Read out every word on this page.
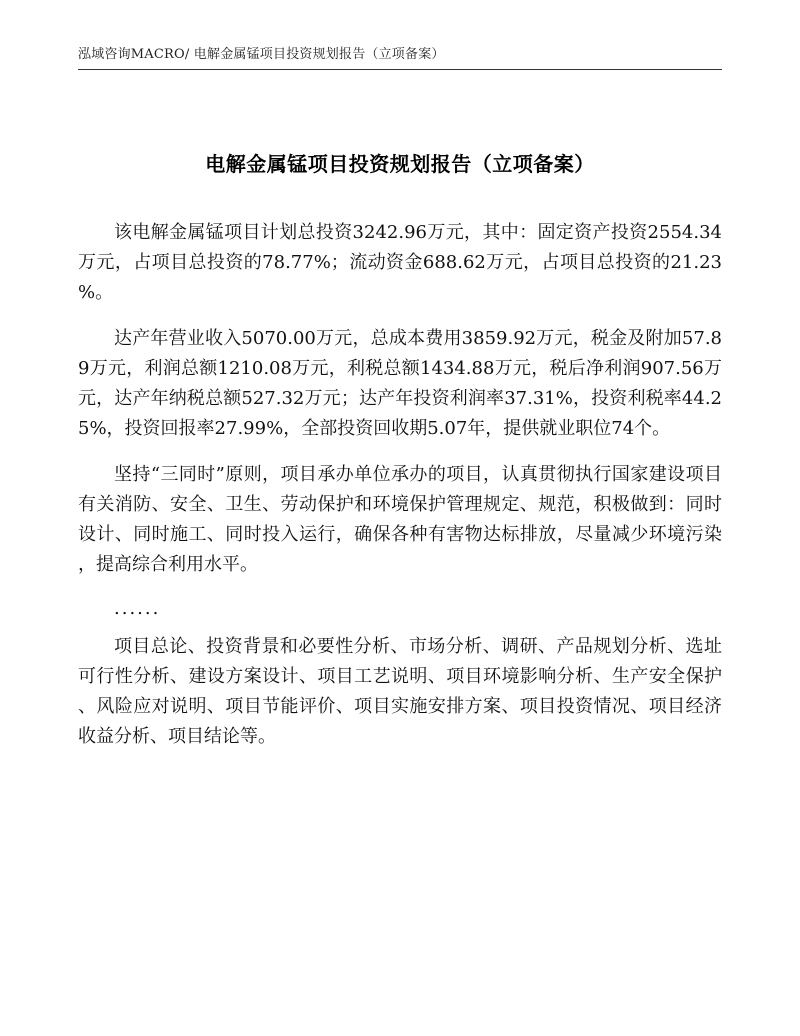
泓域咨询MACRO/ 电解金属锰项目投资规划报告（立项备案）
电解金属锰项目投资规划报告（立项备案）

该电解金属锰项目计划总投资3242.96万元，其中：固定资产投资2554.34万元，占项目总投资的78.77%；流动资金688.62万元，占项目总投资的21.23%。

达产年营业收入5070.00万元，总成本费用3859.92万元，税金及附加57.89万元，利润总额1210.08万元，利税总额1434.88万元，税后净利润907.56万元，达产年纳税总额527.32万元；达产年投资利润率37.31%，投资利税率44.25%，投资回报率27.99%，全部投资回收期5.07年，提供就业职位74个。

坚持“三同时”原则，项目承办单位承办的项目，认真贯彻执行国家建设项目有关消防、安全、卫生、劳动保护和环境保护管理规定、规范，积极做到：同时设计、同时施工、同时投入运行，确保各种有害物达标排放，尽量减少环境污染，提高综合利用水平。

......

项目总论、投资背景和必要性分析、市场分析、调研、产品规划分析、选址可行性分析、建设方案设计、项目工艺说明、项目环境影响分析、生产安全保护、风险应对说明、项目节能评价、项目实施安排方案、项目投资情况、项目经济收益分析、项目结论等。
